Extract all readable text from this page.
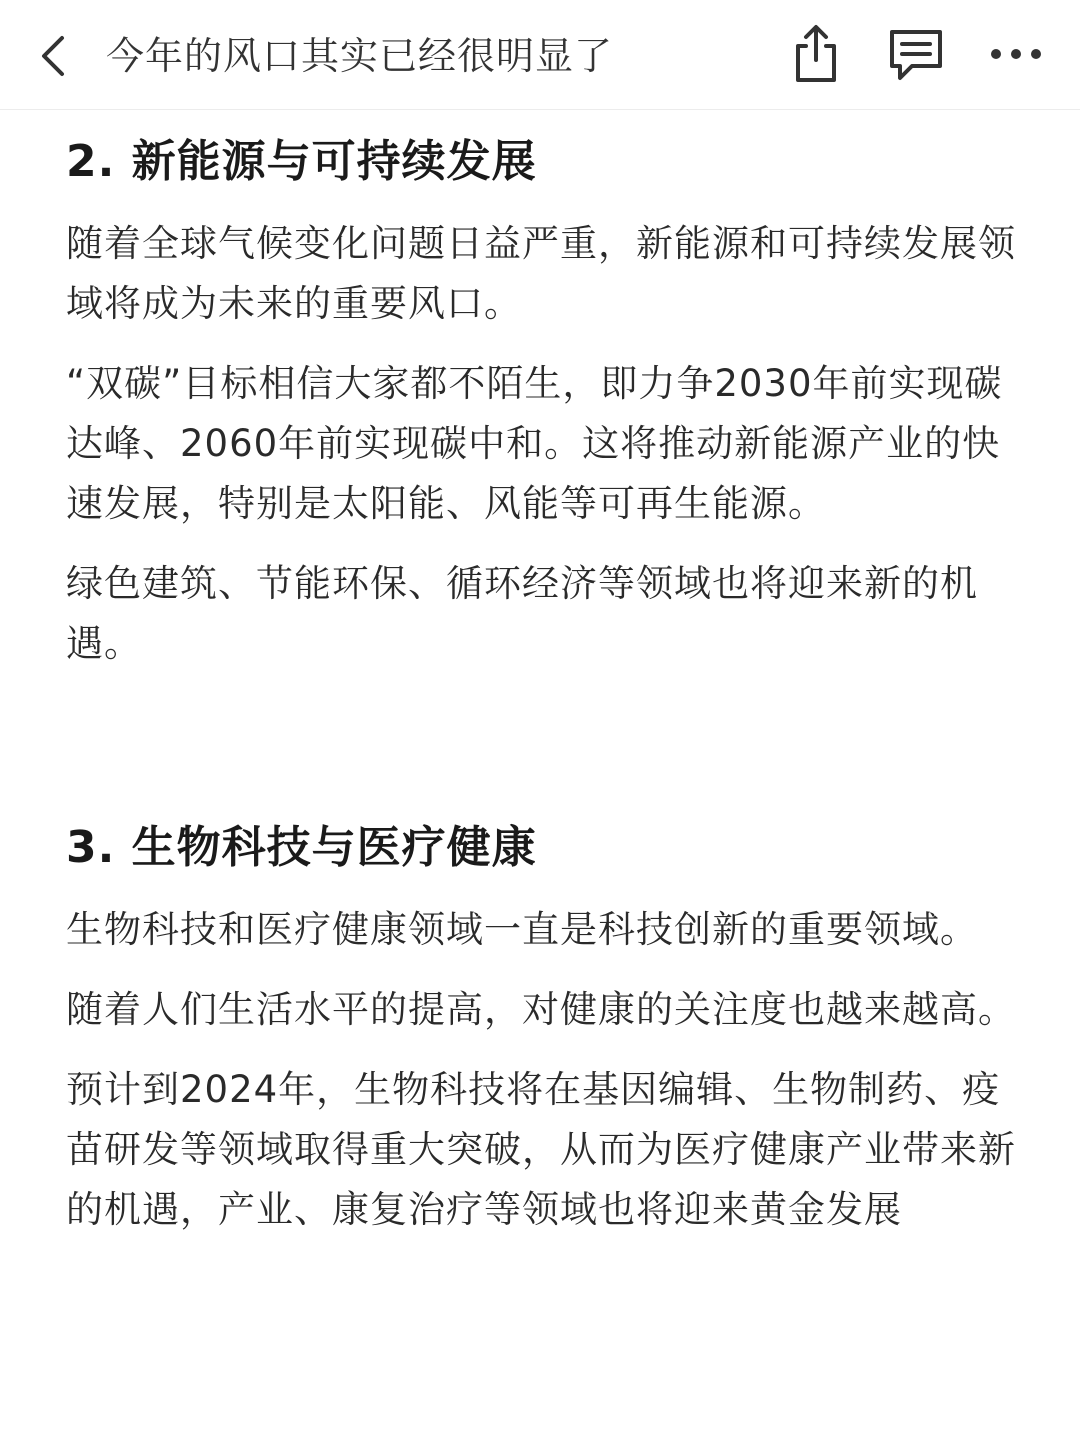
今年的风口其实已经很明显了
2. 新能源与可持续发展

随着全球气候变化问题日益严重，新能源和可持续发展领域将成为未来的重要风口。

“双碳”目标相信大家都不陌生，即力争2030年前实现碳达峰、2060年前实现碳中和。这将推动新能源产业的快速发展，特别是太阳能、风能等可再生能源。

绿色建筑、节能环保、循环经济等领域也将迎来新的机遇。

3. 生物科技与医疗健康

生物科技和医疗健康领域一直是科技创新的重要领域。

随着人们生活水平的提高，对健康的关注度也越来越高。

预计到2024年，生物科技将在基因编辑、生物制药、疫苗研发等领域取得重大突破，从而为医疗健康产业带来新的机遇，产业、康复治疗等领域也将迎来黄金发展
